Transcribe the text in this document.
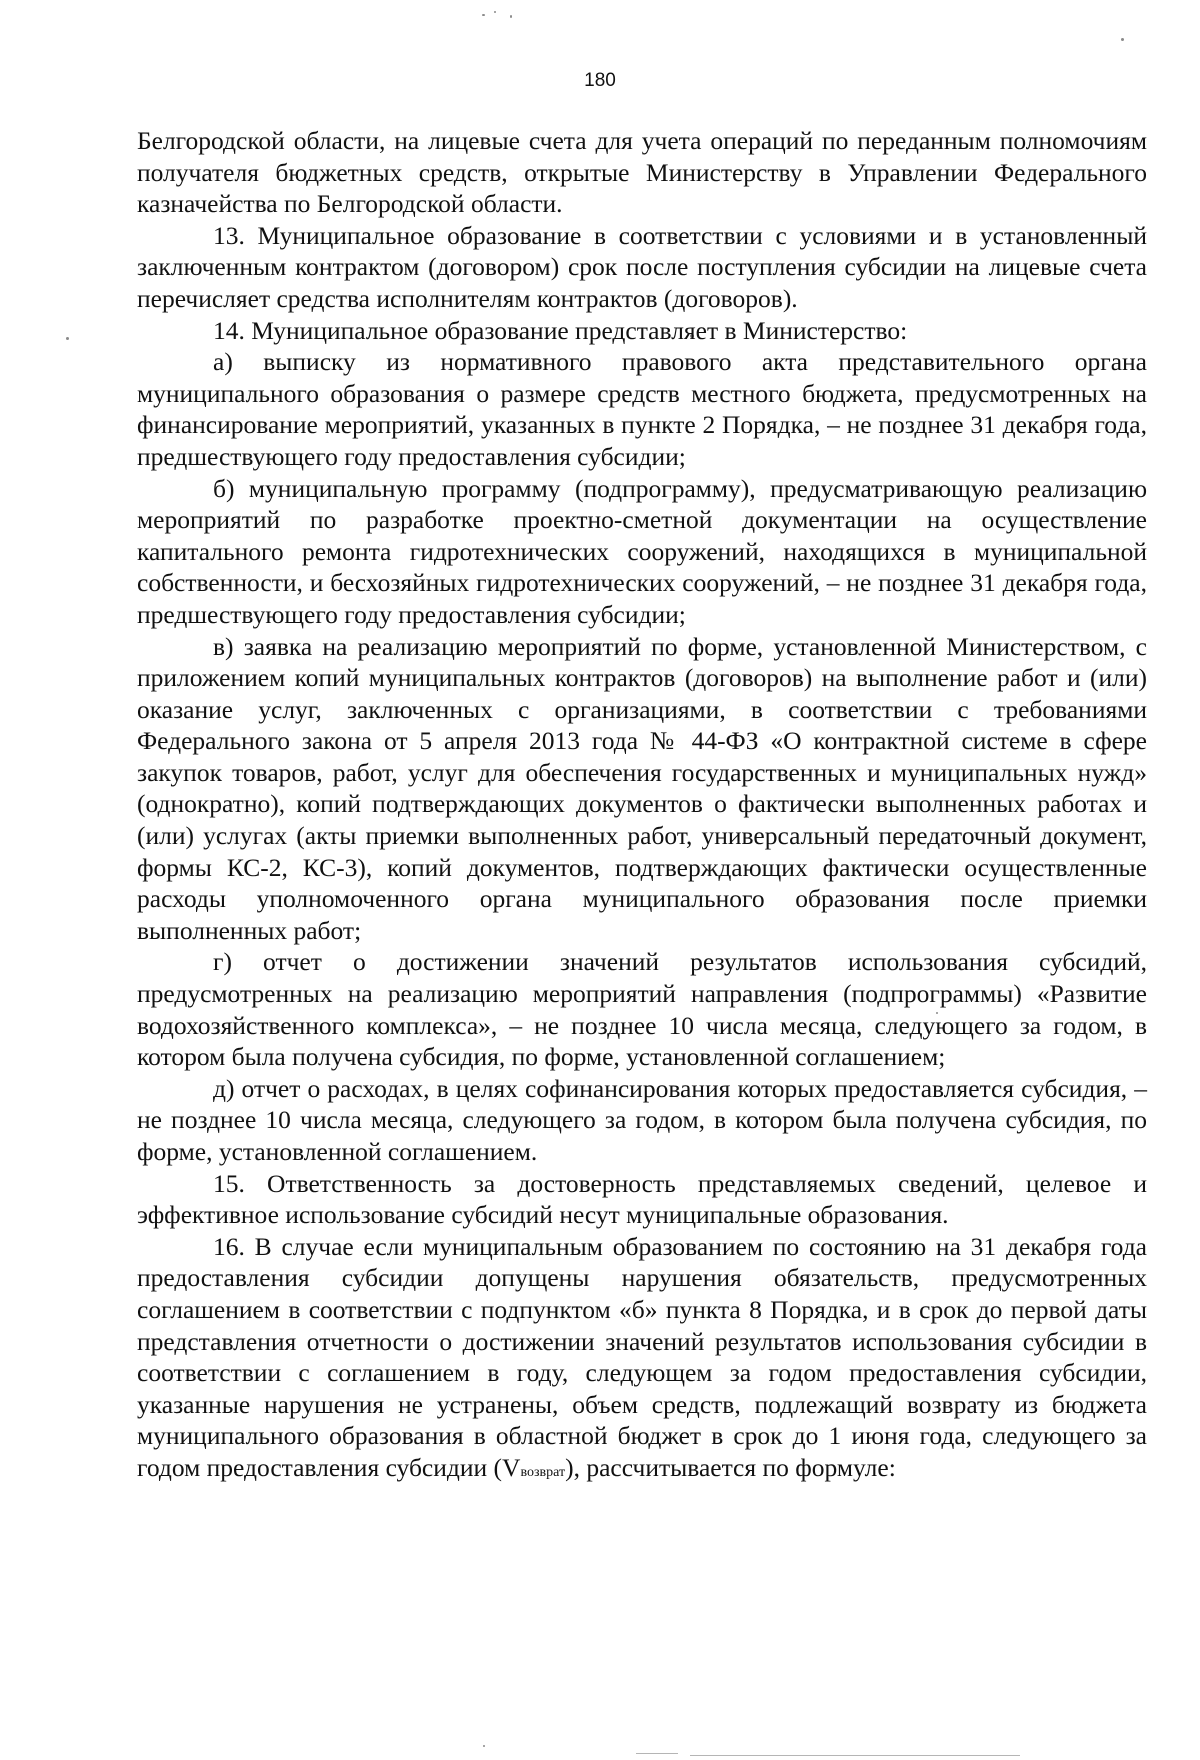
180

Белгородской области, на лицевые счета для учета операций по переданным полномочиям получателя бюджетных средств, открытые Министерству в Управлении Федерального казначейства по Белгородской области.

13. Муниципальное образование в соответствии с условиями и в установленный заключенным контрактом (договором) срок после поступления субсидии на лицевые счета перечисляет средства исполнителям контрактов (договоров).

14. Муниципальное образование представляет в Министерство:

а) выписку из нормативного правового акта представительного органа муниципального образования о размере средств местного бюджета, предусмотренных на финансирование мероприятий, указанных в пункте 2 Порядка, – не позднее 31 декабря года, предшествующего году предоставления субсидии;

б) муниципальную программу (подпрограмму), предусматривающую реализацию мероприятий по разработке проектно-сметной документации на осуществление капитального ремонта гидротехнических сооружений, находящихся в муниципальной собственности, и бесхозяйных гидротехнических сооружений, – не позднее 31 декабря года, предшествующего году предоставления субсидии;

в) заявка на реализацию мероприятий по форме, установленной Министерством, с приложением копий муниципальных контрактов (договоров) на выполнение работ и (или) оказание услуг, заключенных с организациями, в соответствии с требованиями Федерального закона от 5 апреля 2013 года № 44-ФЗ «О контрактной системе в сфере закупок товаров, работ, услуг для обеспечения государственных и муниципальных нужд» (однократно), копий подтверждающих документов о фактически выполненных работах и (или) услугах (акты приемки выполненных работ, универсальный передаточный документ, формы КС-2, КС-3), копий документов, подтверждающих фактически осуществленные расходы уполномоченного органа муниципального образования после приемки выполненных работ;

г) отчет о достижении значений результатов использования субсидий, предусмотренных на реализацию мероприятий направления (подпрограммы) «Развитие водохозяйственного комплекса», – не позднее 10 числа месяца, следующего за годом, в котором была получена субсидия, по форме, установленной соглашением;

д) отчет о расходах, в целях софинансирования которых предоставляется субсидия, – не позднее 10 числа месяца, следующего за годом, в котором была получена субсидия, по форме, установленной соглашением.

15. Ответственность за достоверность представляемых сведений, целевое и эффективное использование субсидий несут муниципальные образования.

16. В случае если муниципальным образованием по состоянию на 31 декабря года предоставления субсидии допущены нарушения обязательств, предусмотренных соглашением в соответствии с подпунктом «б» пункта 8 Порядка, и в срок до первой даты представления отчетности о достижении значений результатов использования субсидии в соответствии с соглашением в году, следующем за годом предоставления субсидии, указанные нарушения не устранены, объем средств, подлежащий возврату из бюджета муниципального образования в областной бюджет в срок до 1 июня года, следующего за годом предоставления субсидии (Vвозврат), рассчитывается по формуле:
